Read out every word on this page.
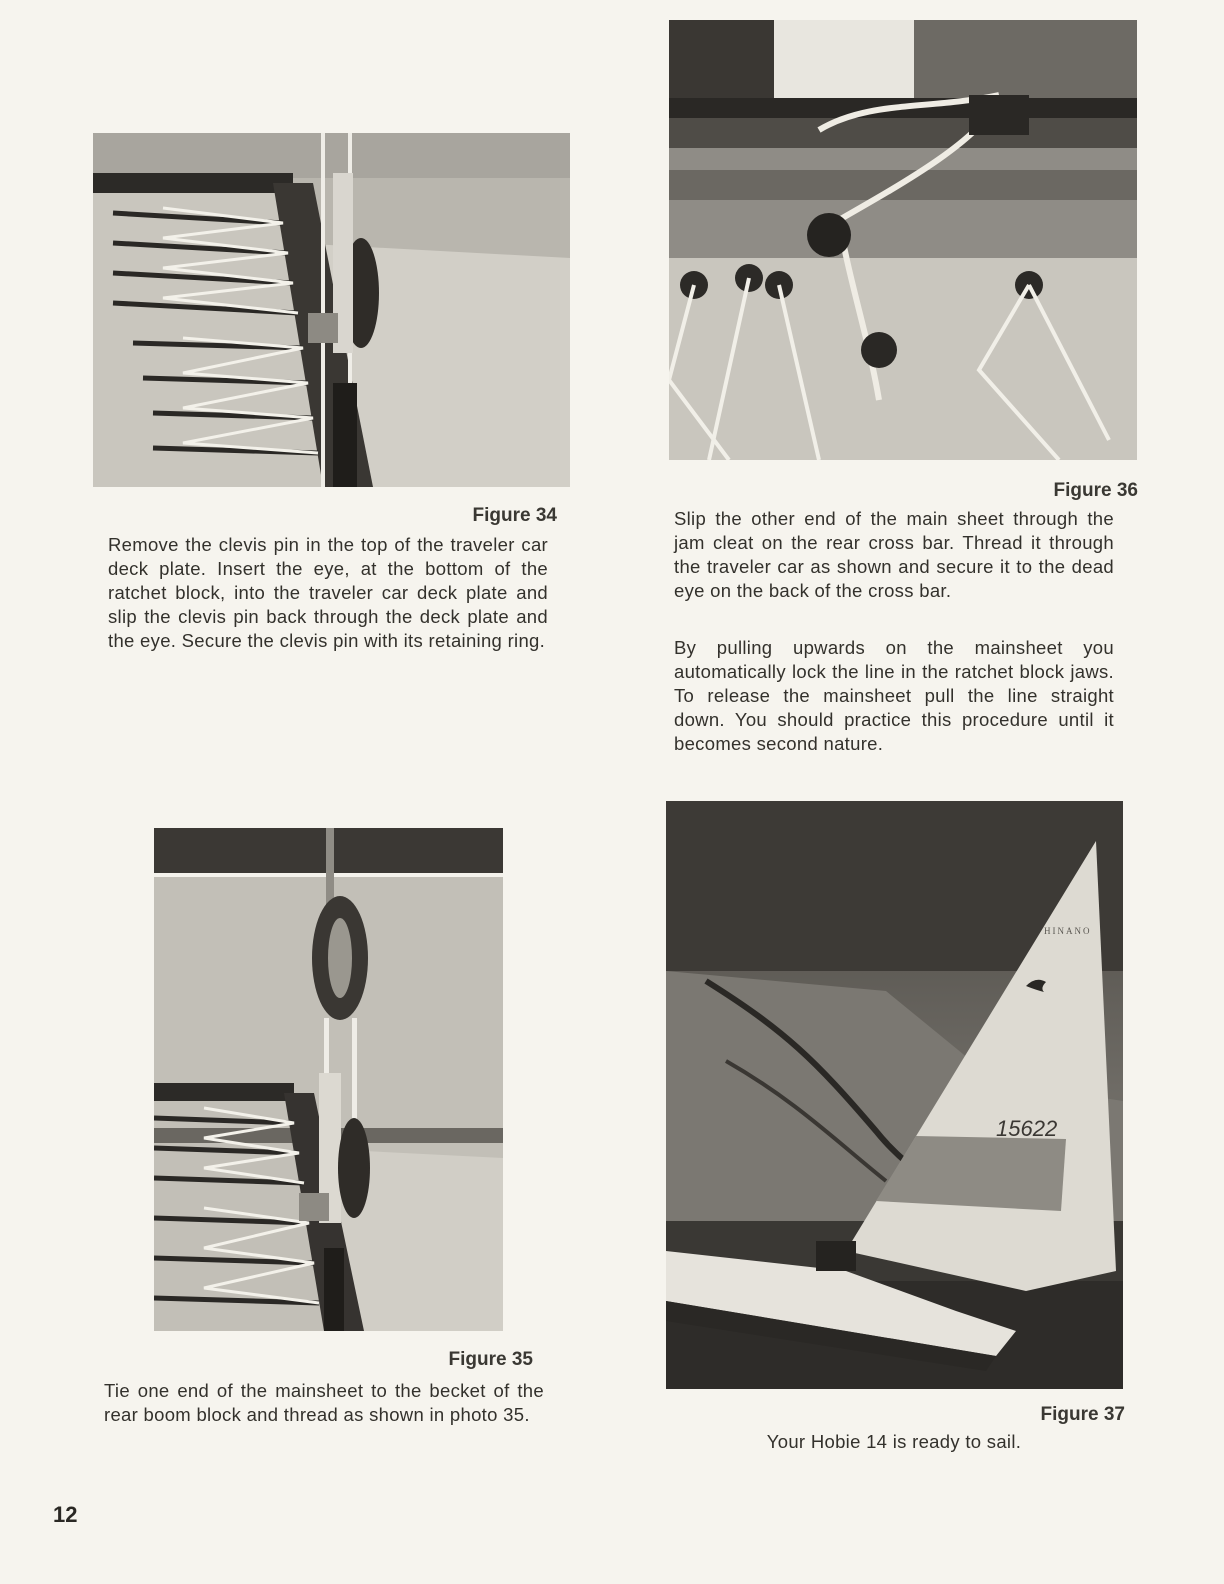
Figure 34

Remove the clevis pin in the top of the traveler car deck plate. Insert the eye, at the bottom of the ratchet block, into the traveler car deck plate and slip the clevis pin back through the deck plate and the eye. Secure the clevis pin with its retaining ring.

Figure 35

Tie one end of the mainsheet to the becket of the rear boom block and thread as shown in photo 35.

Figure 36

Slip the other end of the main sheet through the jam cleat on the rear cross bar. Thread it through the traveler car as shown and secure it to the dead eye on the back of the cross bar.

By pulling upwards on the mainsheet you automatically lock the line in the ratchet block jaws. To release the mainsheet pull the line straight down. You should practice this procedure until it becomes second nature.

15622
HINANO
Figure 37

Your Hobie 14 is ready to sail.

12
